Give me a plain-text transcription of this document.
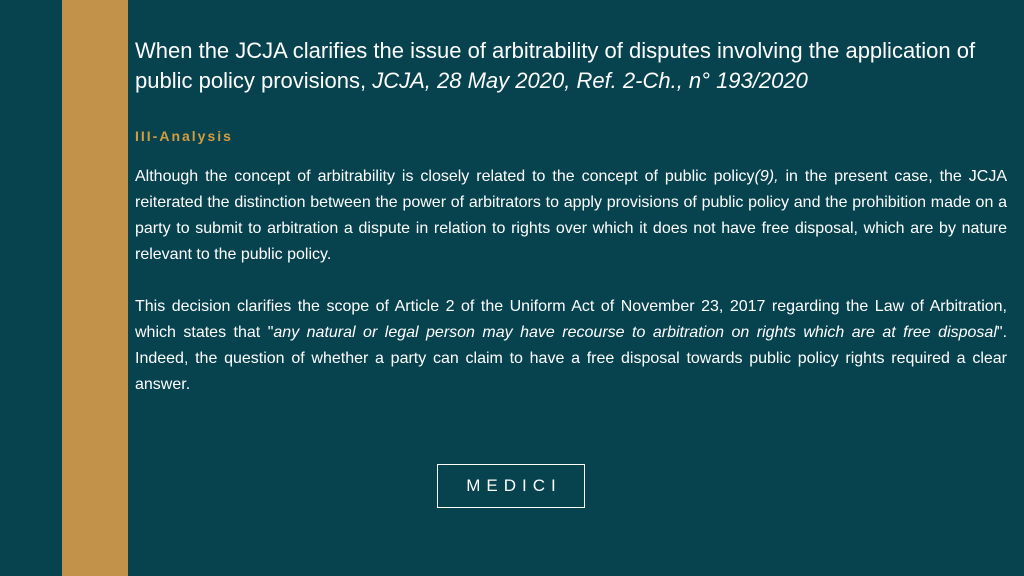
When the JCJA clarifies the issue of arbitrability of disputes involving the application of public policy provisions, JCJA, 28 May 2020, Ref. 2-Ch., n° 193/2020
III-Analysis

Although the concept of arbitrability is closely related to the concept of public policy(9), in the present case, the JCJA reiterated the distinction between the power of arbitrators to apply provisions of public policy and the prohibition made on a party to submit to arbitration a dispute in relation to rights over which it does not have free disposal, which are by nature relevant to the public policy.

This decision clarifies the scope of Article 2 of the Uniform Act of November 23, 2017 regarding the Law of Arbitration, which states that "any natural or legal person may have recourse to arbitration on rights which are at free disposal". Indeed, the question of whether a party can claim to have a free disposal towards public policy rights required a clear answer.

MEDICI
